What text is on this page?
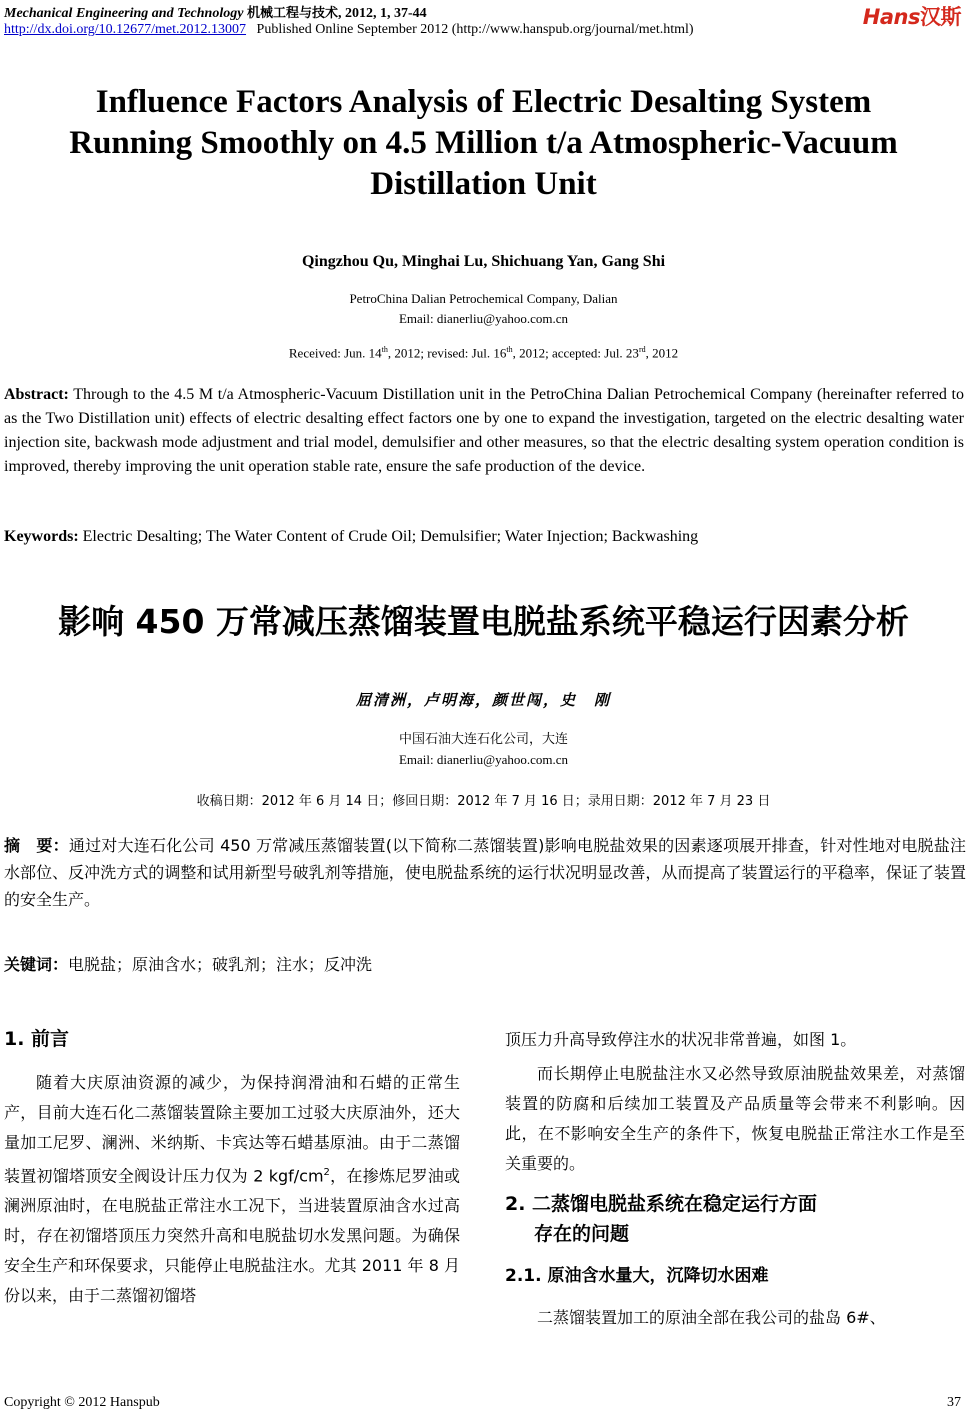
Mechanical Engineering and Technology 机械工程与技术, 2012, 1, 37-44
http://dx.doi.org/10.12677/met.2012.13007 Published Online September 2012 (http://www.hanspub.org/journal/met.html)
Hans汉斯
Influence Factors Analysis of Electric Desalting System
Running Smoothly on 4.5 Million t/a Atmospheric-Vacuum
Distillation Unit
Qingzhou Qu, Minghai Lu, Shichuang Yan, Gang Shi
PetroChina Dalian Petrochemical Company, Dalian
Email: dianerliu@yahoo.com.cn
Received: Jun. 14th, 2012; revised: Jul. 16th, 2012; accepted: Jul. 23rd, 2012
Abstract: Through to the 4.5 M t/a Atmospheric-Vacuum Distillation unit in the PetroChina Dalian Petrochemical Company (hereinafter referred to as the Two Distillation unit) effects of electric desalting effect factors one by one to expand the investigation, targeted on the electric desalting water injection site, backwash mode adjustment and trial model, demulsifier and other measures, so that the electric desalting system operation condition is improved, thereby improving the unit operation stable rate, ensure the safe production of the device.
Keywords: Electric Desalting; The Water Content of Crude Oil; Demulsifier; Water Injection; Backwashing
影响 450 万常减压蒸馏装置电脱盐系统平稳运行因素分析
屈清洲，卢明海，颜世闯，史　刚
中国石油大连石化公司，大连
Email: dianerliu@yahoo.com.cn
收稿日期：2012 年 6 月 14 日；修回日期：2012 年 7 月 16 日；录用日期：2012 年 7 月 23 日
摘　要：通过对大连石化公司 450 万常减压蒸馏装置(以下简称二蒸馏装置)影响电脱盐效果的因素逐项展开排查，针对性地对电脱盐注水部位、反冲洗方式的调整和试用新型号破乳剂等措施，使电脱盐系统的运行状况明显改善，从而提高了装置运行的平稳率，保证了装置的安全生产。
关键词：电脱盐；原油含水；破乳剂；注水；反冲洗
1. 前言
随着大庆原油资源的减少，为保持润滑油和石蜡的正常生产，目前大连石化二蒸馏装置除主要加工过驳大庆原油外，还大量加工尼罗、澜洲、米纳斯、卡宾达等石蜡基原油。由于二蒸馏装置初馏塔顶安全阀设计压力仅为 2 kgf/$cm^2$，在掺炼尼罗油或澜洲原油时，在电脱盐正常注水工况下，当进装置原油含水过高时，存在初馏塔顶压力突然升高和电脱盐切水发黑问题。为确保安全生产和环保要求，只能停止电脱盐注水。尤其 2011 年 8 月份以来，由于二蒸馏初馏塔
顶压力升高导致停注水的状况非常普遍，如图 1。
而长期停止电脱盐注水又必然导致原油脱盐效果差，对蒸馏装置的防腐和后续加工装置及产品质量等会带来不利影响。因此，在不影响安全生产的条件下，恢复电脱盐正常注水工作是至关重要的。
2. 二蒸馏电脱盐系统在稳定运行方面
存在的问题
2.1. 原油含水量大，沉降切水困难
二蒸馏装置加工的原油全部在我公司的盐岛 6#、
Copyright © 2012 Hanspub	37
